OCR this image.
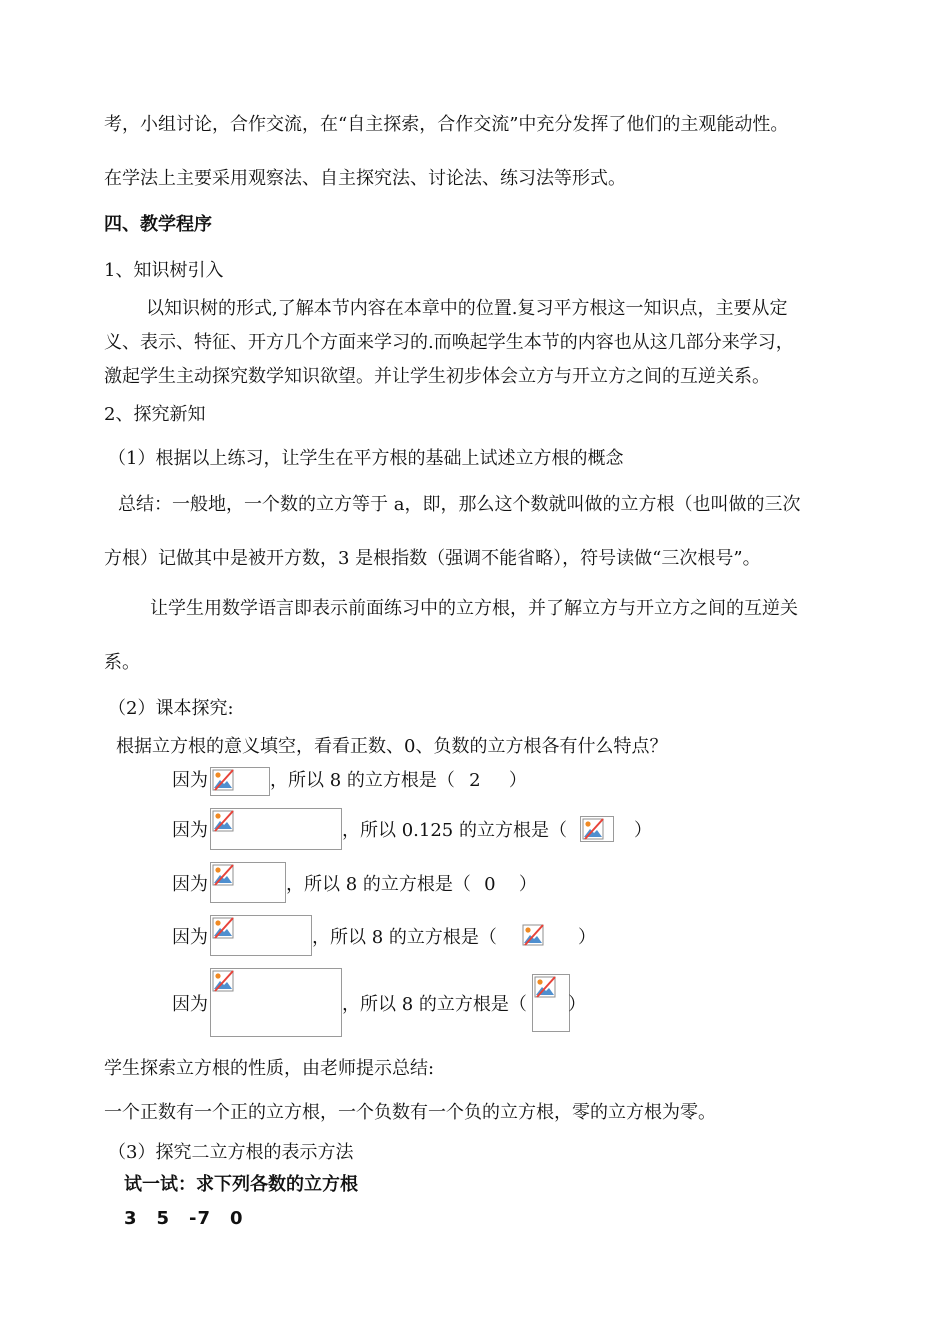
考，小组讨论，合作交流，在“自主探索，合作交流”中充分发挥了他们的主观能动性。
在学法上主要采用观察法、自主探究法、讨论法、练习法等形式。
四、教学程序
1、知识树引入
以知识树的形式,了解本节内容在本章中的位置.复习平方根这一知识点，主要从定
义、表示、特征、开方几个方面来学习的.而唤起学生本节的内容也从这几部分来学习，
激起学生主动探究数学知识欲望。并让学生初步体会立方与开立方之间的互逆关系。
2、探究新知
（1）根据以上练习，让学生在平方根的基础上试述立方根的概念
总结：一般地，一个数的立方等于 a，即，那么这个数就叫做的立方根（也叫做的三次
方根）记做其中是被开方数，3 是根指数（强调不能省略），符号读做“三次根号”。
让学生用数学语言即表示前面练习中的立方根，并了解立方与开立方之间的互逆关
系。
（2）课本探究:
根据立方根的意义填空，看看正数、0、负数的立方根各有什么特点？
因为	，所以 8 的立方根是（ 2	）
因为	，所以 0.125 的立方根是（	）
因为	，所以 8 的立方根是（ 0	）
因为	，所以 8 的立方根是（	）
因为	，所以 8 的立方根是（ ）
学生探索立方根的性质，由老师提示总结:
一个正数有一个正的立方根，一个负数有一个负的立方根，零的立方根为零。
（3）探究二立方根的表示方法
试一试：求下列各数的立方根
3　5　-7　0
